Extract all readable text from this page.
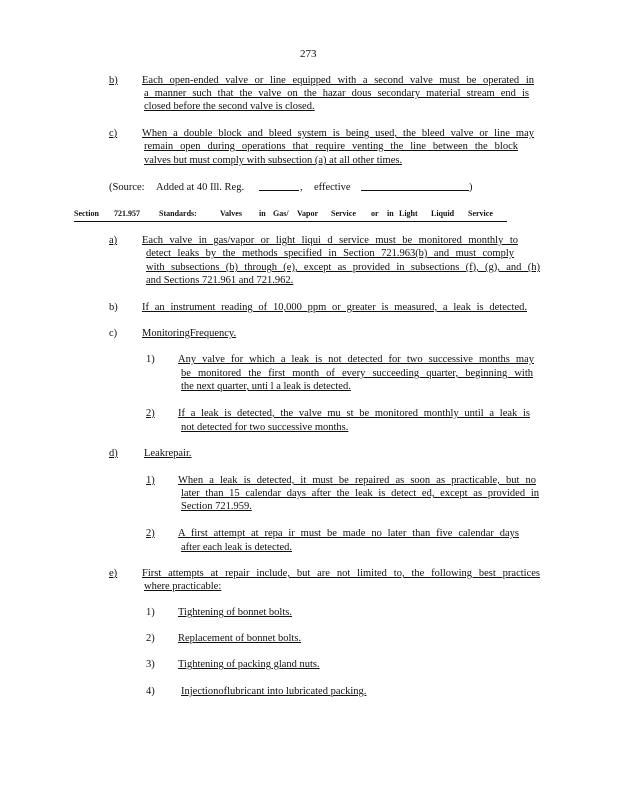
273
b) Each open-ended valve or line equipped with a second valve must be operated in
a manner such that the valve on the hazar dous secondary material stream end is
closed before the second valve is closed.
c) When a double block and bleed system is being used, the bleed valve or line may
remain open during operations that require venting the line between the block
valves but must comply with subsection (a) at all other times.
(Source: Added at 40 Ill. Reg.	, effective	)
Section 721.957 Standards:	Valves in Gas/ Vapor Service or in Light Liquid Service
a) Each valve in gas/vapor or light liqui d service must be monitored monthly to
detect leaks by the methods specified in Section 721.963(b) and must comply
with subsections (b) through (e), except as provided in subsections (f), (g), and (h)
and Sections 721.961 and 721.962.
b) If an instrument reading of 10,000 ppm or greater is measured, a leak is detected.
c) MonitoringFrequency.
1) Any valve for which a leak is not detected for two successive months may
be monitored the first month of every succeeding quarter, beginning with
the next quarter, unti l a leak is detected.
2) If a leak is detected, the valve mu st be monitored monthly until a leak is
not detected for two successive months.
d)	Leakrepair.
1) When a leak is detected, it must be repaired as soon as practicable, but no
later than 15 calendar days after the leak is detect ed, except as provided in
Section 721.959.
2) A first attempt at repa ir must be made no later than five calendar days
after each leak is detected.
e) First attempts at repair include, but are not limited to, the following best practices
where practicable:
1) Tightening of bonnet bolts.
2) Replacement of bonnet bolts.
3) Tightening of packing gland nuts.
4)	Injectionoflubricant into lubricated packing.
